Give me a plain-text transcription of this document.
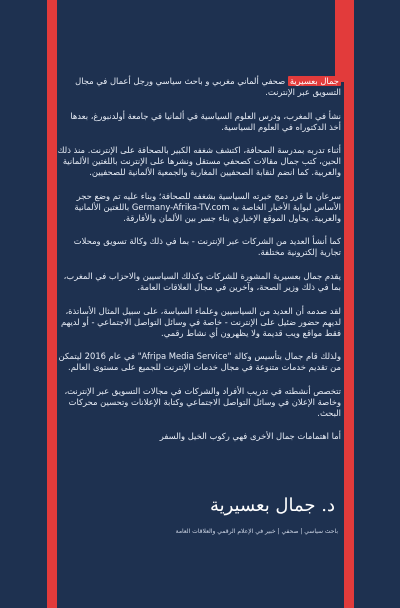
جمال بعسيرية صحفي ألماني مغربي و باحث سياسي ورجل أعمال في مجال التسويق عبر الإنترنت.

نشأ في المغرب، ودرس العلوم السياسية في ألمانيا في جامعة أولدنبورغ، بعدها أخذ الدكتوراه في العلوم السياسية.

أثناء تدربه بمدرسة الصحافة، اكتشف شغفه الكبير بالصحافة على الإنترنت. منذ ذلك الحين، كتب جمال مقالات كصحفي مستقل ونشرها على الإنترنت باللغتين الألمانية والعربية. كما انضم لنقابة الصحفيين المغاربة والجمعية الألمانية للصحفيين.

سرعان ما قرر دمج خبرته السياسية بشغفه للصحافة؛ وبناء عليه تم وضع حجر الأساس لبوابة الأخبار الخاصة به Germany-Afrika-TV.com باللغتين الألمانية والعربية. يحاول الموقع الإخباري بناء جسر بين الألمان والأفارقة.

كما أنشأ العديد من الشركات عبر الإنترنت - بما في ذلك وكالة تسويق ومحلات تجارية إلكترونية مختلفة.

يقدم جمال بعسيرية المشورة للشركات وكذلك السياسيين والاحزاب في المغرب، بما في ذلك وزير الصحة، وآخرين في مجال العلاقات العامة.

لقد صدمه أن العديد من السياسيين وعلماء السياسة، على سبيل المثال الأساتذة، لديهم حضور ضئيل على الإنترنت - خاصة في وسائل التواصل الاجتماعي - أو لديهم فقط مواقع ويب قديمة ولا يظهرون أي نشاط رقمي.

ولذلك قام جمال بتأسيس وكالة "Afripa Media Service" في عام 2016 ليتمكن من تقديم خدمات متنوعة في مجال خدمات الإنترنت للجميع على مستوى العالم.

تتخصص أنشطته في تدريب الأفراد والشركات في مجالات التسويق عبر الإنترنت، وخاصة الإعلان في وسائل التواصل الاجتماعي وكتابة الإعلانات وتحسين محركات البحث.

أما اهتمامات جمال الأخرى فهي ركوب الخيل والسفر

د. جمال بعسيرية
باحث سياسي | صحفي | خبير في الإعلام الرقمي والعلاقات العامة
